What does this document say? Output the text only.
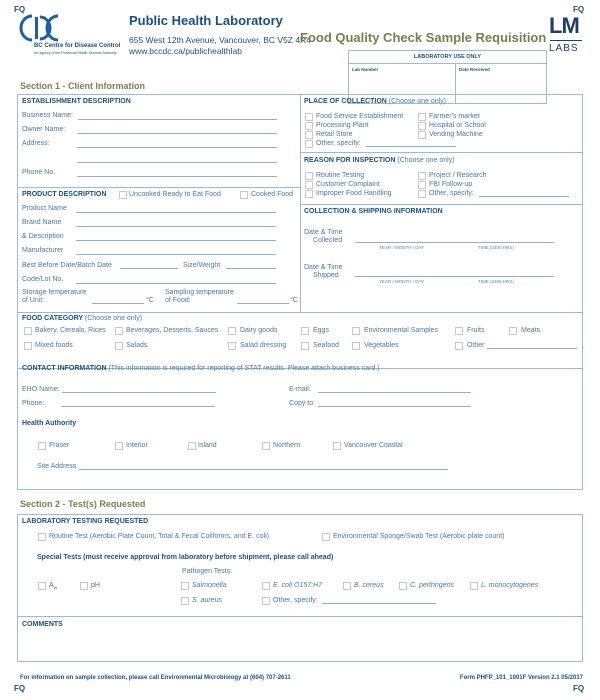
FQ
BC Centre for Disease Control
An agency of the Provincial Health Services Authority
Public Health Laboratory
655 West 12th Avenue, Vancouver, BC V5Z 4R4
www.bccdc.ca/publichealthlab
Food Quality Check Sample Requisition
FQ
LM
LABS
LABORATORY USE ONLY
Lab Number	Date Received
Section 1 - Client Information
ESTABLISHMENT DESCRIPTION
Business Name:
Owner Name:
Address:
Phone No.
PRODUCT DESCRIPTION	Uncooked Ready to Eat Food	Cooked Food
Product Name
Brand Name
& Description
Manufacturer
Best Before Date/Batch Date	Size/Weight
Code/Lot No.
Storage temperature
of Unit:	°C
Sampling temperature
of Food:	°C
PLACE OF COLLECTION (Choose one only)
Food Service Establishment
Processing Plant
Retail Store
Other, specify:
Farmer's market
Hospital or School
Vending Machine
REASON FOR INSPECTION (Choose one only)
Routine Testing
Customer Complaint
Improper Food Handling
Project / Research
FBI Follow-up
Other, specify:
COLLECTION & SHIPPING INFORMATION
Date & Time
Collected
YEAR / MONTH / DAY	TIME (2400 HRS)
Date & Time
Shipped
YEAR / MONTH / DAY	TIME (2400 HRS)
FOOD CATEGORY (Choose one only)
Bakery, Cereals, Rices	Beverages, Desserts, Sauces	Dairy goods	Eggs	Environmental Samples	Fruits	Meats
Mixed foods	Salads	Salad dressing	Seafood	Vegetables	Other
CONTACT INFORMATION (This information is required for reporting of STAT results. Please attach business card.)
EHO Name:
Phone:
E-mail:
Copy to:
Health Authority
Fraser	Interior	Island	Northern	Vancouver Coastal
Site Address
Section 2 - Test(s) Requested
LABORATORY TESTING REQUESTED
Routine Test (Aerobic Plate Count, Total & Fecal Coliforms, and E. coli)	Environmental Sponge/Swab Test (Aerobic plate count)
Special Tests (must receive approval from laboratory before shipment, please call ahead)
Pathogen Tests:
$A_w$	pH	Salmonella	E. coli O157:H7	B. cereus	C. perfringens	L. monocytogenes
S. aureus	Other, specify:
COMMENTS
For information on sample collection, please call Environmental Microbiology at (604) 707-2611	Form PHFP_101_1001F Version 2.1 05/2017
FQ	FQ
